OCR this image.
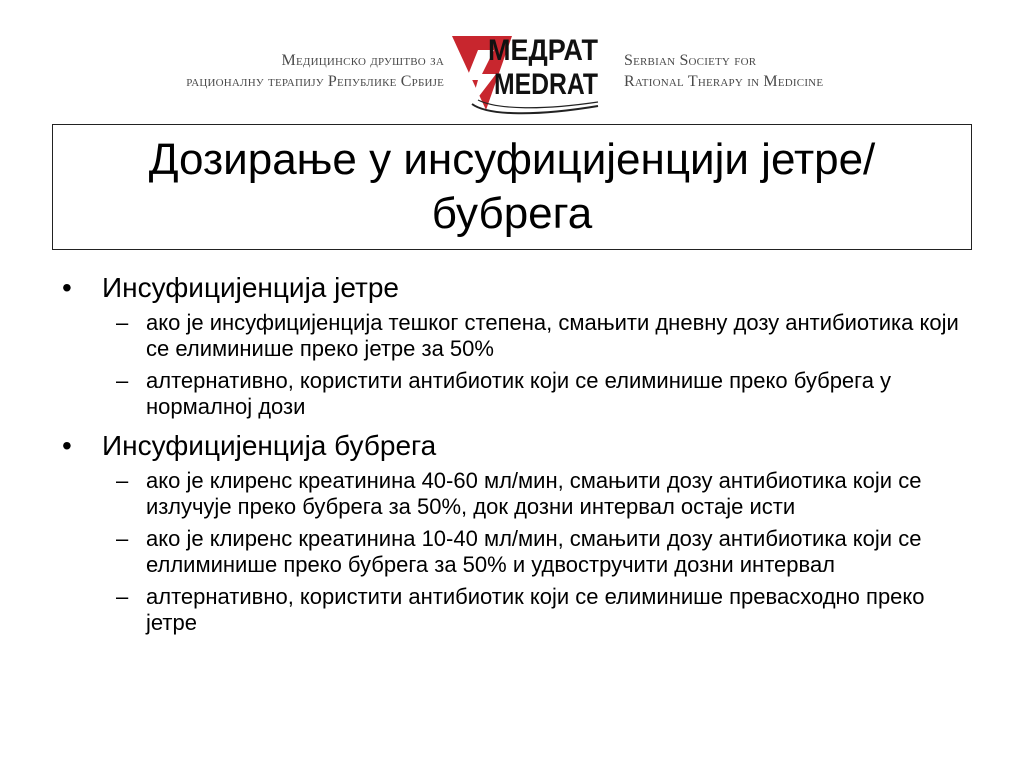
Медицинско друштво за
рационалну терапију Републике Србије
МЕДРАТ
MEDRAT
Serbian Society for
Rational Therapy in Medicine
Дозирање у инсуфицијенцији јетре/бубрега
• Инсуфицијенција јетре
– ако је инсуфицијенција тешког степена, смањити дневну дозу антибиотика који се елиминише преко јетре за 50%
– алтернативно, користити антибиотик који се елиминише преко бубрега у нормалној дози
• Инсуфицијенција бубрега
– ако је клиренс креатинина 40-60 мл/мин, смањити дозу антибиотика који се излучује преко бубрега за 50%, док дозни интервал остаје исти
– ако је клиренс креатинина 10-40 мл/мин, смањити дозу антибиотика који се еллиминише преко бубрега за 50% и удвостручити дозни интервал
– алтернативно, користити антибиотик који се елиминише превасходно преко јетре
